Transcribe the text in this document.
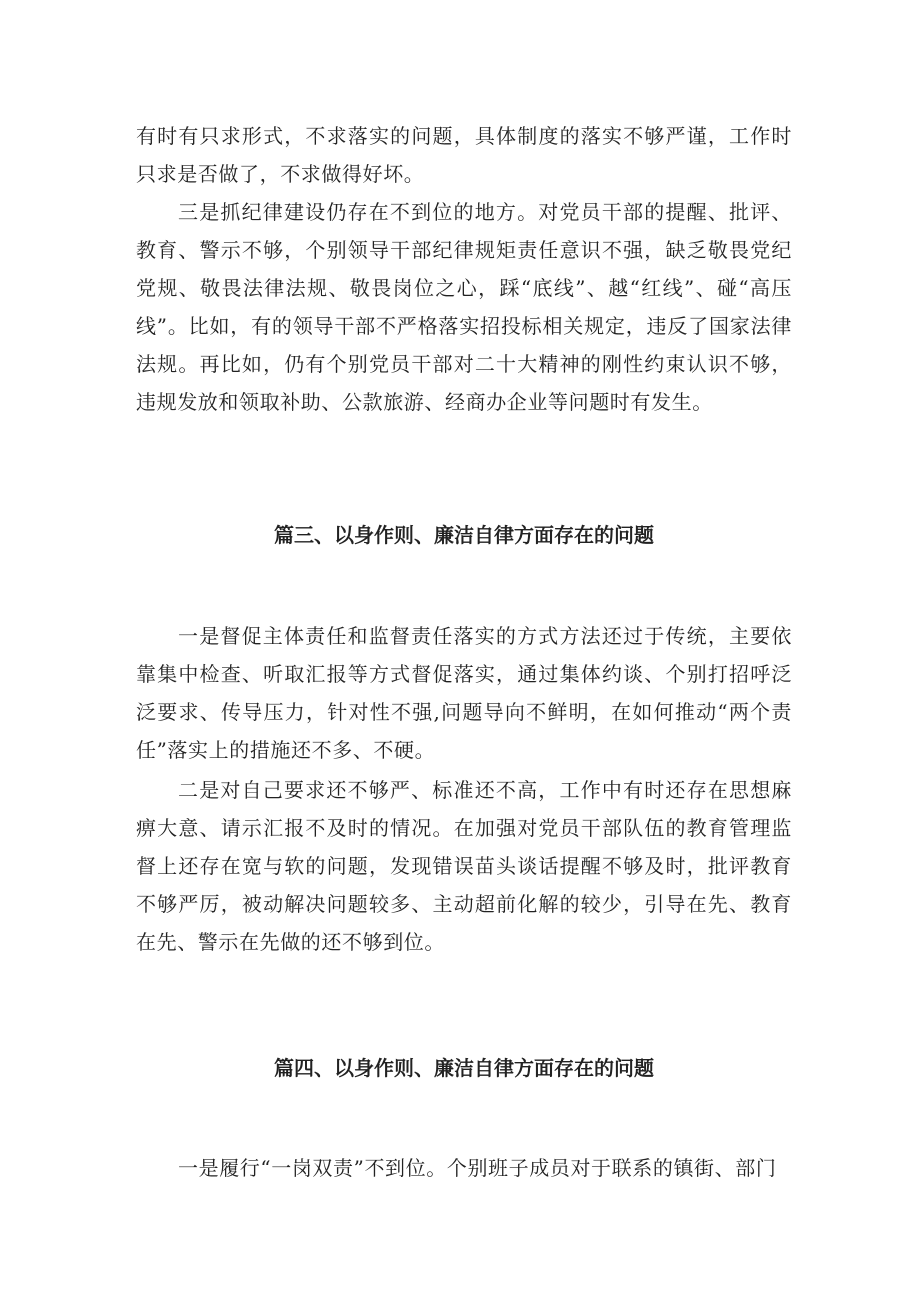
有时有只求形式，不求落实的问题，具体制度的落实不够严谨，工作时只求是否做了，不求做得好坏。

三是抓纪律建设仍存在不到位的地方。对党员干部的提醒、批评、教育、警示不够，个别领导干部纪律规矩责任意识不强，缺乏敬畏党纪党规、敬畏法律法规、敬畏岗位之心，踩“底线”、越“红线”、碰“高压线”。比如，有的领导干部不严格落实招投标相关规定，违反了国家法律法规。再比如，仍有个别党员干部对二十大精神的刚性约束认识不够，违规发放和领取补助、公款旅游、经商办企业等问题时有发生。

篇三、以身作则、廉洁自律方面存在的问题

一是督促主体责任和监督责任落实的方式方法还过于传统，主要依靠集中检查、听取汇报等方式督促落实，通过集体约谈、个别打招呼泛泛要求、传导压力，针对性不强,问题导向不鲜明，在如何推动“两个责任”落实上的措施还不多、不硬。

二是对自己要求还不够严、标准还不高，工作中有时还存在思想麻痹大意、请示汇报不及时的情况。在加强对党员干部队伍的教育管理监督上还存在宽与软的问题，发现错误苗头谈话提醒不够及时，批评教育不够严厉，被动解决问题较多、主动超前化解的较少，引导在先、教育在先、警示在先做的还不够到位。

篇四、以身作则、廉洁自律方面存在的问题

一是履行“一岗双责”不到位。个别班子成员对于联系的镇街、部门
